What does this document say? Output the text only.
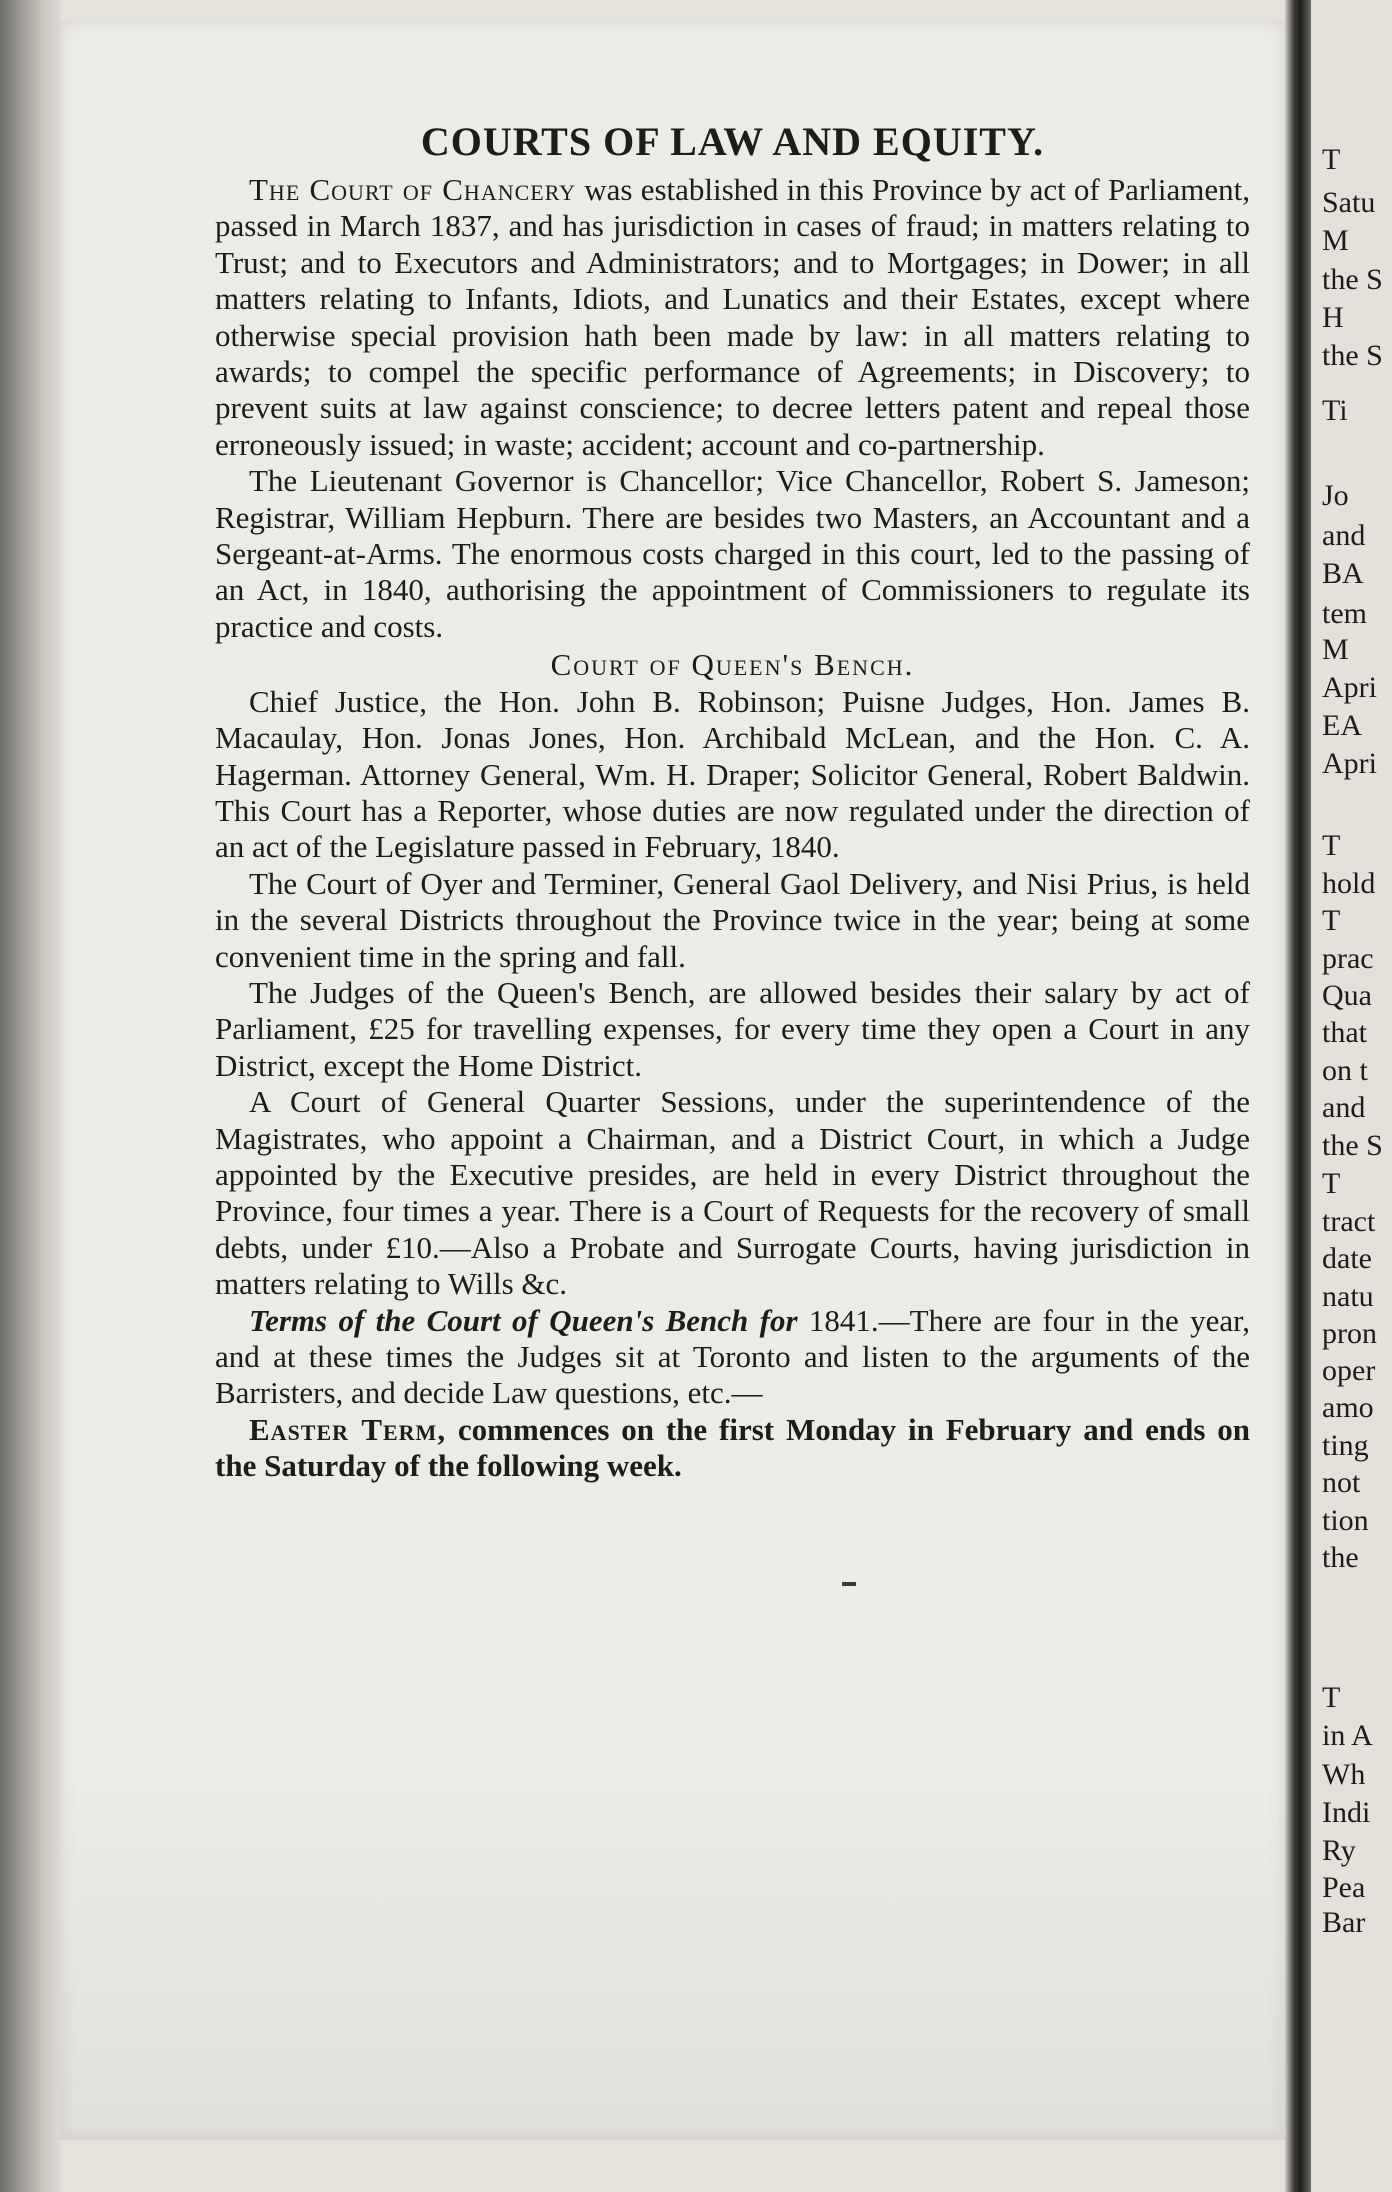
COURTS OF LAW AND EQUITY.

The Court of Chancery was established in this Province by act of Parliament, passed in March 1837, and has jurisdiction in cases of fraud; in matters relating to Trust; and to Executors and Administrators; and to Mortgages; in Dower; in all matters relating to Infants, Idiots, and Lunatics and their Estates, except where otherwise special provision hath been made by law: in all matters relating to awards; to compel the specific performance of Agreements; in Discovery; to prevent suits at law against conscience; to decree letters patent and repeal those erroneously issued; in waste; accident; account and co-partnership.

The Lieutenant Governor is Chancellor; Vice Chancellor, Robert S. Jameson; Registrar, William Hepburn. There are besides two Masters, an Accountant and a Sergeant-at-Arms. The enormous costs charged in this court, led to the passing of an Act, in 1840, authorising the appointment of Commissioners to regulate its practice and costs.

Court of Queen's Bench.

Chief Justice, the Hon. John B. Robinson; Puisne Judges, Hon. James B. Macaulay, Hon. Jonas Jones, Hon. Archibald McLean, and the Hon. C. A. Hagerman. Attorney General, Wm. H. Draper; Solicitor General, Robert Baldwin. This Court has a Reporter, whose duties are now regulated under the direction of an act of the Legislature passed in February, 1840.

The Court of Oyer and Terminer, General Gaol Delivery, and Nisi Prius, is held in the several Districts throughout the Province twice in the year; being at some convenient time in the spring and fall.

The Judges of the Queen's Bench, are allowed besides their salary by act of Parliament, £25 for travelling expenses, for every time they open a Court in any District, except the Home District.

A Court of General Quarter Sessions, under the superintendence of the Magistrates, who appoint a Chairman, and a District Court, in which a Judge appointed by the Executive presides, are held in every District throughout the Province, four times a year. There is a Court of Requests for the recovery of small debts, under £10.—Also a Probate and Surrogate Courts, having jurisdiction in matters relating to Wills &c.

Terms of the Court of Queen's Bench for 1841.—There are four in the year, and at these times the Judges sit at Toronto and listen to the arguments of the Barristers, and decide Law questions, etc.—

Easter Term, commences on the first Monday in February and ends on the Saturday of the following week.

T
Satu
M
the S
H
the S
Ti
Jo
and
BA
tem
M
Apri
EA
Apri
T
hold
T
prac
Qua
that
on t
and
the S
T
tract
date
natu
pron
oper
amo
ting
not
tion
the
T
in A
Wh
Indi
Ry
Pea
Bar
